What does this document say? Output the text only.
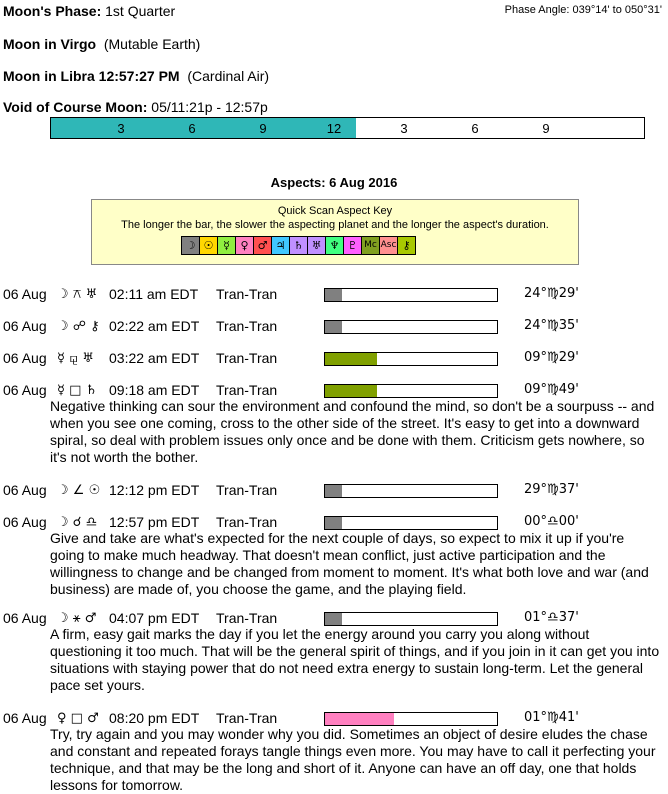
Moon's Phase: 1st Quarter	Phase Angle: 039°14' to 050°31'
Moon in Virgo (Mutable Earth)
Moon in Libra 12:57:27 PM (Cardinal Air)
Void of Course Moon: 05/11:21p - 12:57p
3	6	9	12	3	6	9
Aspects: 6 Aug 2016
Quick Scan Aspect Key
The longer the bar, the slower the aspecting planet and the longer the aspect's duration.
☽ ☉ ☿ ♀ ♂ ♃ ♄ ♅ ♆ ♇ Mc Asc ⚷
06 Aug ☽ ⚻ ♅ 02:11 am EDT Tran-Tran	24°♍29'
06 Aug ☽ ☍ ⚷ 02:22 am EDT Tran-Tran	24°♍35'
06 Aug ☿ ⚼ ♅ 03:22 am EDT Tran-Tran	09°♍29'
06 Aug ☿ □ ♄ 09:18 am EDT Tran-Tran	09°♍49'
Negative thinking can sour the environment and confound the mind, so don't be a sourpuss -- and when you see one coming, cross to the other side of the street. It's easy to get into a downward spiral, so deal with problem issues only once and be done with them. Criticism gets nowhere, so it's not worth the bother.
06 Aug ☽ ∠ ☉ 12:12 pm EDT Tran-Tran	29°♍37'
06 Aug ☽ ☌ ♎ 12:57 pm EDT Tran-Tran	00°♎00'
Give and take are what's expected for the next couple of days, so expect to mix it up if you're going to make much headway. That doesn't mean conflict, just active participation and the willingness to change and be changed from moment to moment. It's what both love and war (and business) are made of, you choose the game, and the playing field.
06 Aug ☽ ⚹ ♂ 04:07 pm EDT Tran-Tran	01°♎37'
A firm, easy gait marks the day if you let the energy around you carry you along without questioning it too much. That will be the general spirit of things, and if you join in it can get you into situations with staying power that do not need extra energy to sustain long-term. Let the general pace set yours.
06 Aug ♀ □ ♂ 08:20 pm EDT Tran-Tran	01°♍41'
Try, try again and you may wonder why you did. Sometimes an object of desire eludes the chase and constant and repeated forays tangle things even more. You may have to call it perfecting your technique, and that may be the long and short of it. Anyone can have an off day, one that holds lessons for tomorrow.
